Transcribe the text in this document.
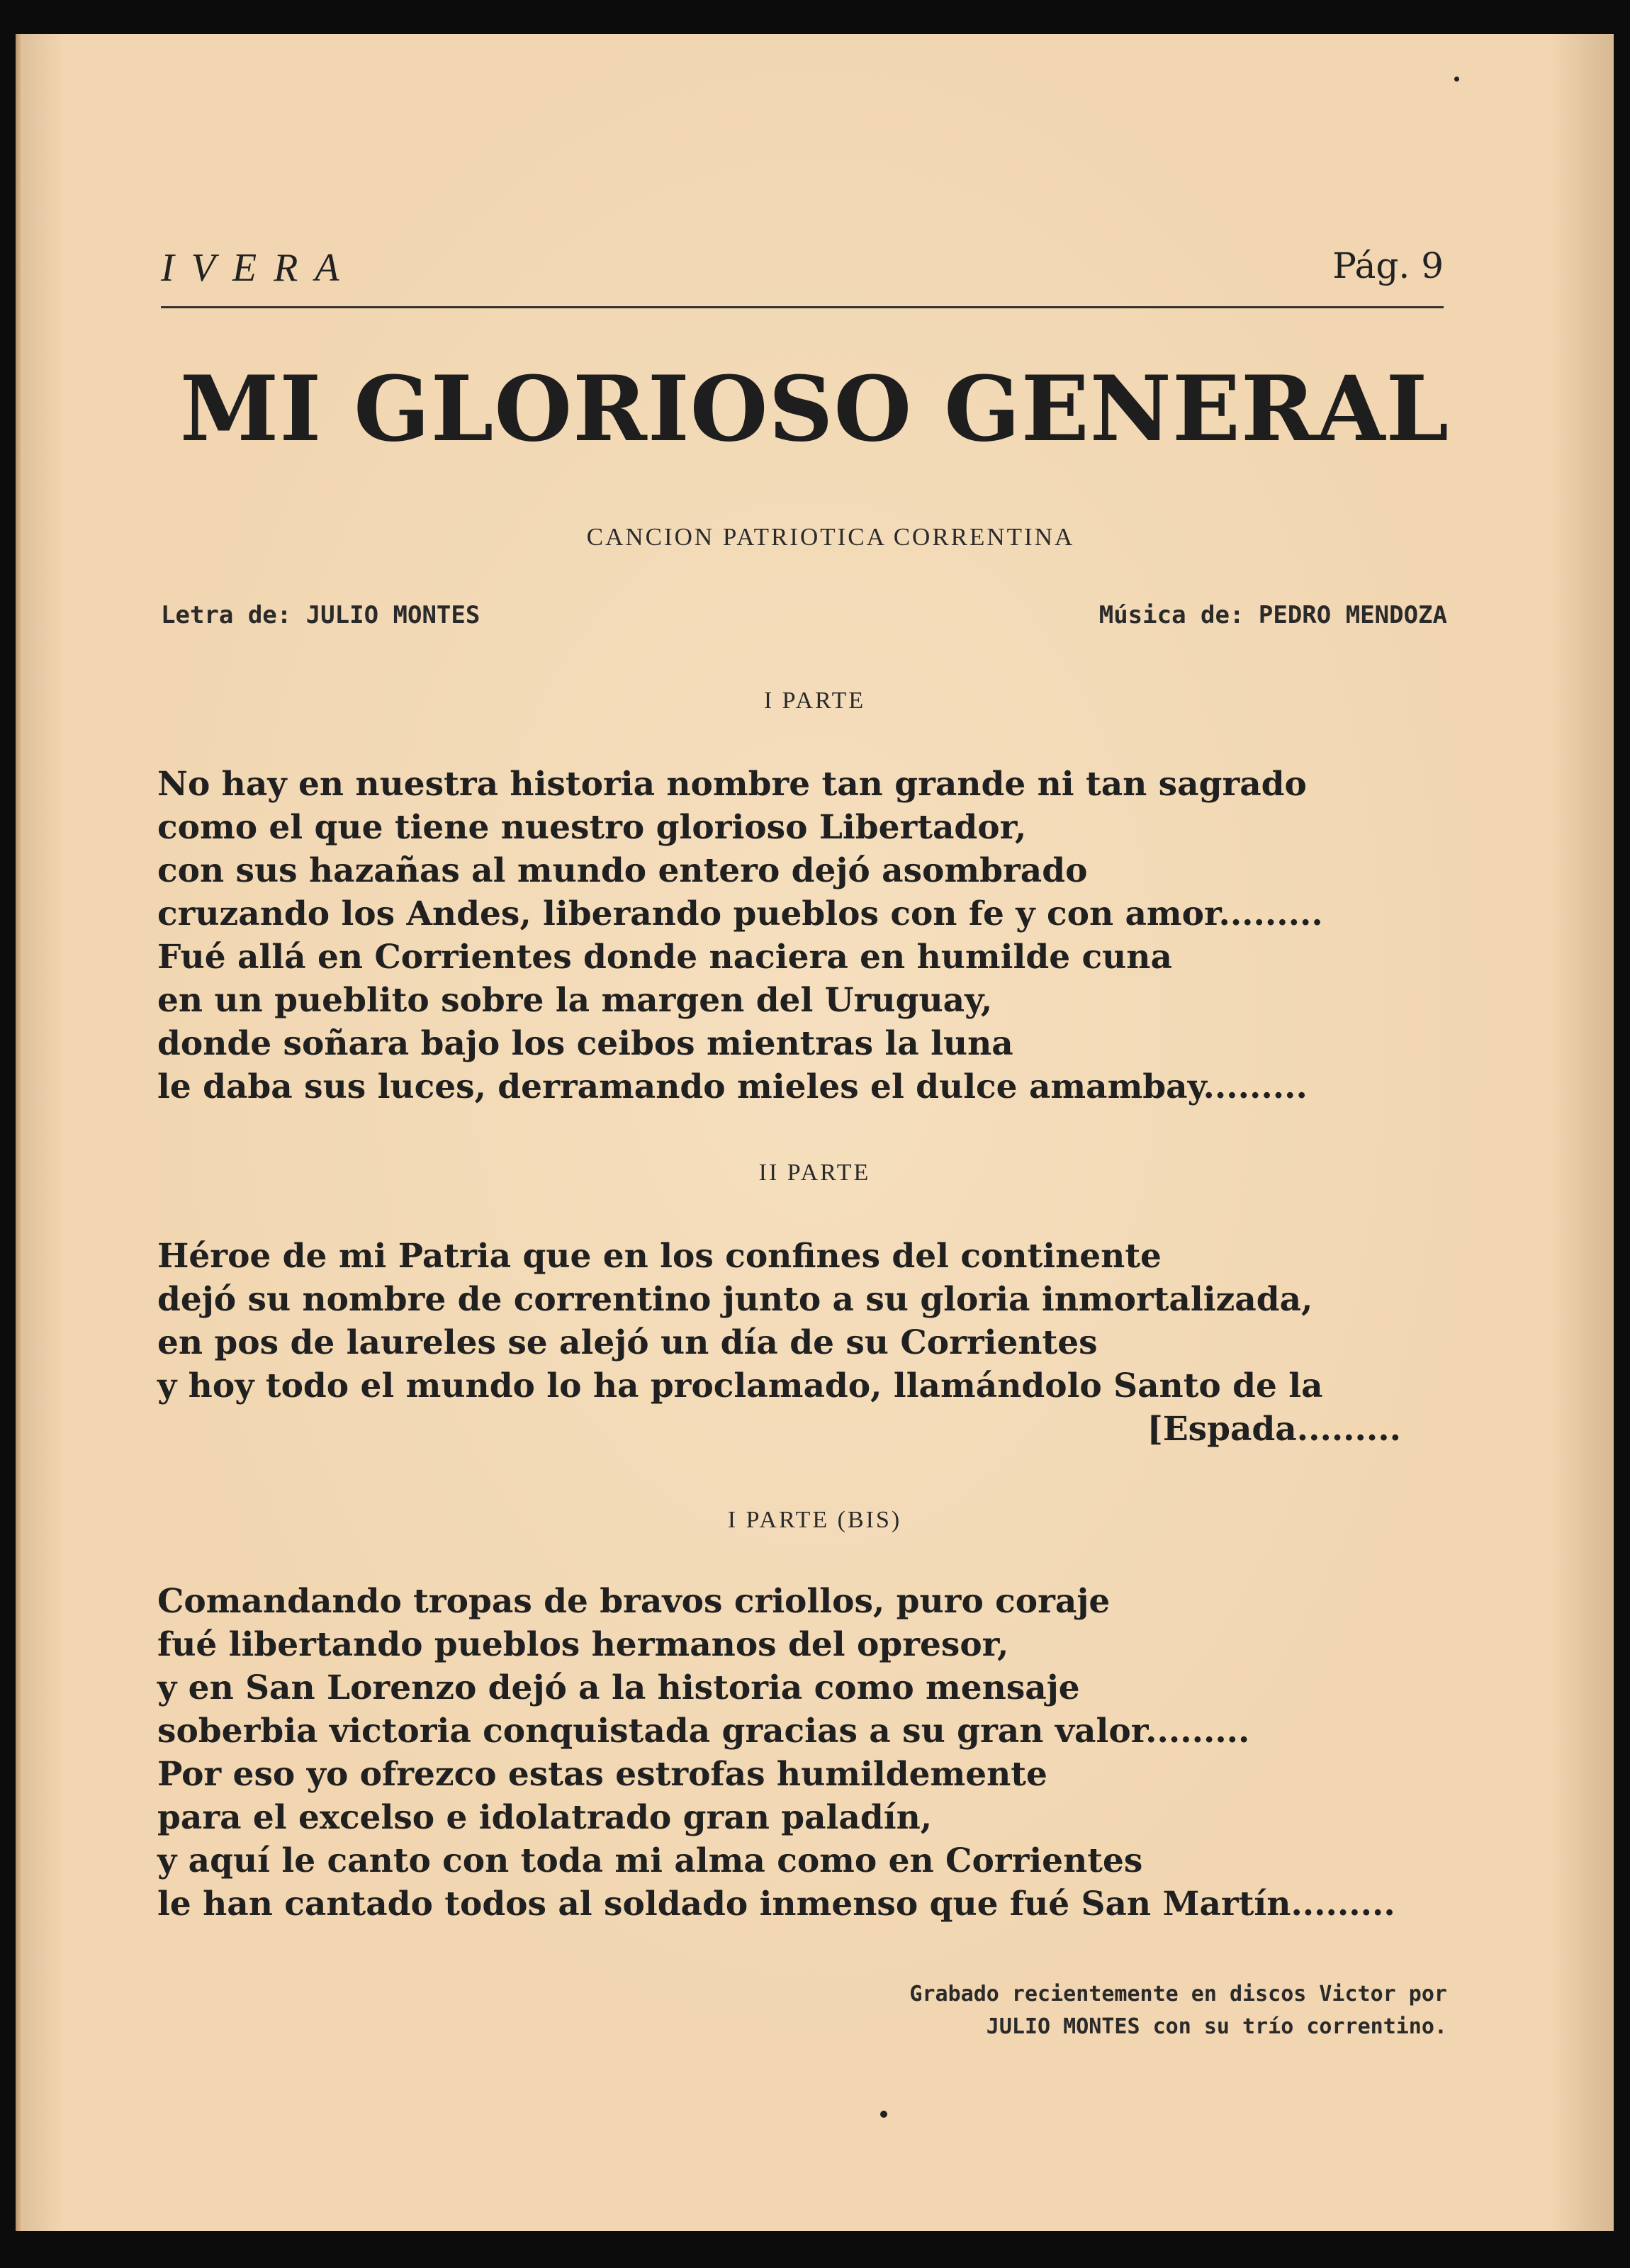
IVERA	Pág. 9
MI GLORIOSO GENERAL
CANCION PATRIOTICA CORRENTINA
Letra de: JULIO MONTES	Música de: PEDRO MENDOZA
I PARTE
No hay en nuestra historia nombre tan grande ni tan sagrado
como el que tiene nuestro glorioso Libertador,
con sus hazañas al mundo entero dejó asombrado
cruzando los Andes, liberando pueblos con fe y con amor.........
Fué allá en Corrientes donde naciera en humilde cuna
en un pueblito sobre la margen del Uruguay,
donde soñara bajo los ceibos mientras la luna
le daba sus luces, derramando mieles el dulce amambay.........
II PARTE
Héroe de mi Patria que en los confines del continente
dejó su nombre de correntino junto a su gloria inmortalizada,
en pos de laureles se alejó un día de su Corrientes
y hoy todo el mundo lo ha proclamado, llamándolo Santo de la
[Espada.........
I PARTE (BIS)
Comandando tropas de bravos criollos, puro coraje
fué libertando pueblos hermanos del opresor,
y en San Lorenzo dejó a la historia como mensaje
soberbia victoria conquistada gracias a su gran valor.........
Por eso yo ofrezco estas estrofas humildemente
para el excelso e idolatrado gran paladín,
y aquí le canto con toda mi alma como en Corrientes
le han cantado todos al soldado inmenso que fué San Martín.........
Grabado recientemente en discos Victor por
JULIO MONTES con su trío correntino.
